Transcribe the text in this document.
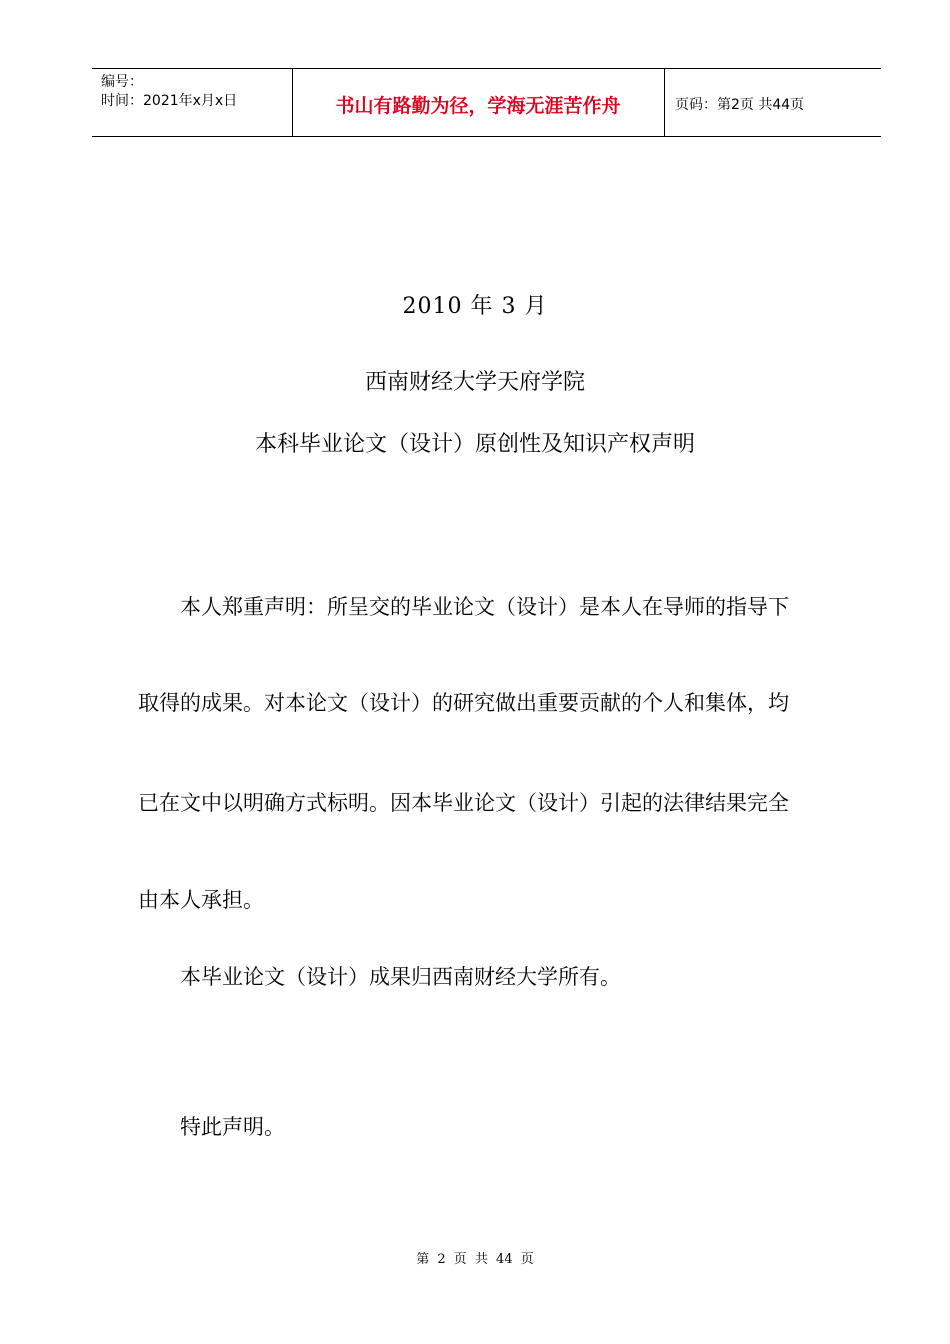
编号：
时间：2021年x月x日	书山有路勤为径，学海无涯苦作舟	页码：第2页 共44页
2010 年 3 月
西南财经大学天府学院
本科毕业论文（设计）原创性及知识产权声明
本人郑重声明：所呈交的毕业论文（设计）是本人在导师的指导下
取得的成果。对本论文（设计）的研究做出重要贡献的个人和集体，均
已在文中以明确方式标明。因本毕业论文（设计）引起的法律结果完全
由本人承担。
本毕业论文（设计）成果归西南财经大学所有。
特此声明。
第 2 页 共 44 页
